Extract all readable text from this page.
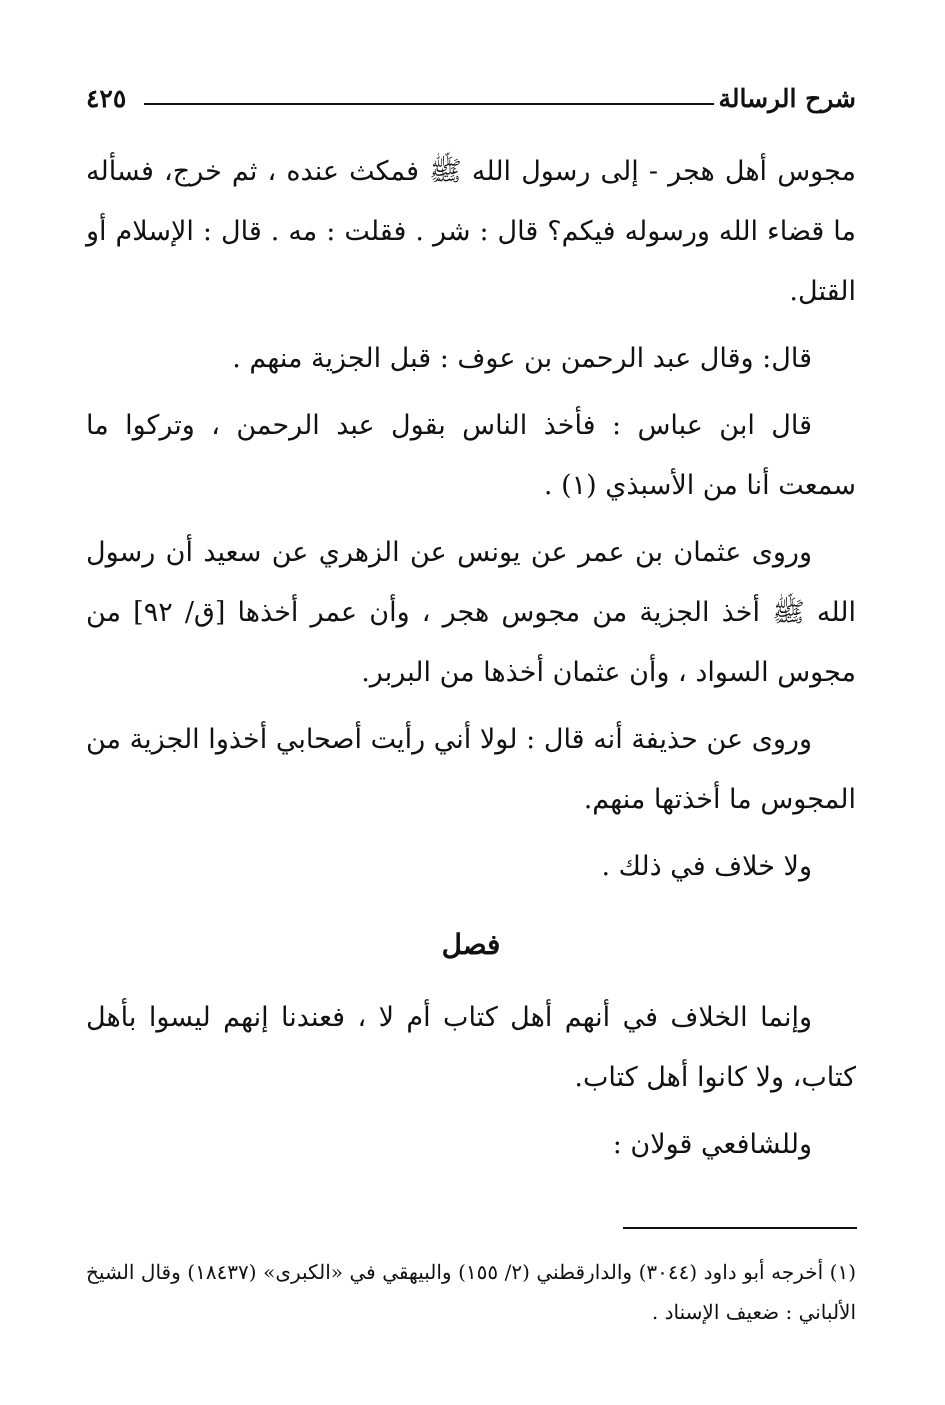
شرح الرسالة
٤٢٥

مجوس أهل هجر - إلى رسول الله ﷺ فمكث عنده ، ثم خرج، فسأله ما قضاء الله ورسوله فيكم؟ قال : شر . فقلت : مه . قال : الإسلام أو القتل.

قال: وقال عبد الرحمن بن عوف : قبل الجزية منهم .

قال ابن عباس : فأخذ الناس بقول عبد الرحمن ، وتركوا ما سمعت أنا من الأسبذي (١) .

وروى عثمان بن عمر عن يونس عن الزهري عن سعيد أن رسول الله ﷺ أخذ الجزية من مجوس هجر ، وأن عمر أخذها [ق/ ٩٢] من مجوس السواد ، وأن عثمان أخذها من البربر.

وروى عن حذيفة أنه قال : لولا أني رأيت أصحابي أخذوا الجزية من المجوس ما أخذتها منهم.

ولا خلاف في ذلك .

فصل

وإنما الخلاف في أنهم أهل كتاب أم لا ، فعندنا إنهم ليسوا بأهل كتاب، ولا كانوا أهل كتاب.

وللشافعي قولان :

(١) أخرجه أبو داود (٣٠٤٤) والدارقطني (٢/ ١٥٥) والبيهقي في «الكبرى» (١٨٤٣٧) وقال الشيخ الألباني : ضعيف الإسناد .
